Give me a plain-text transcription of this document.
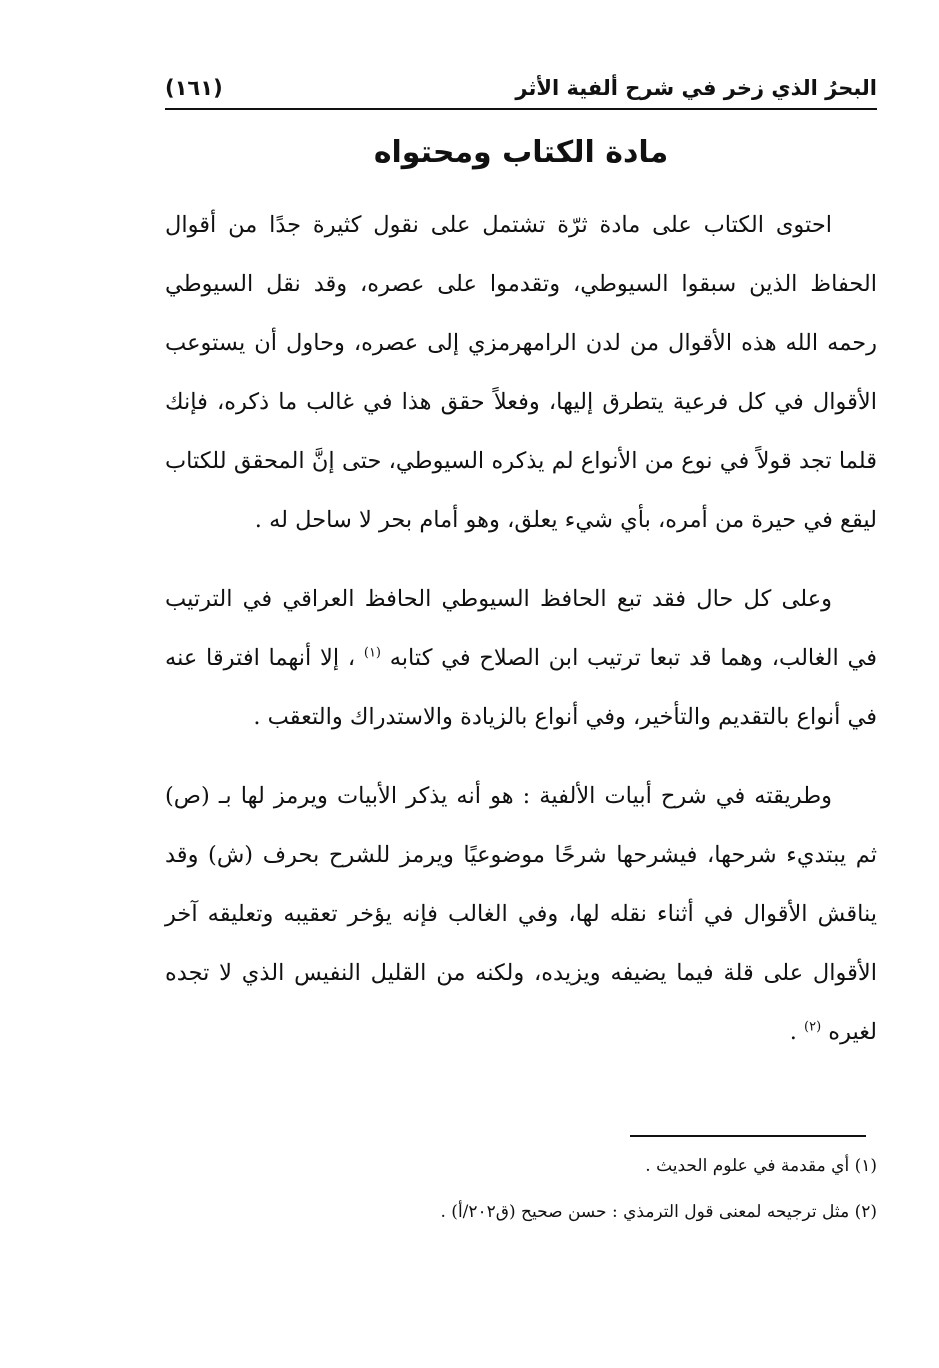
البحرُ الذي زخر في شرح ألفية الأثر
(١٦١)
مادة الكتاب ومحتواه

احتوى الكتاب على مادة ثرّة تشتمل على نقول كثيرة جدًا من أقوال الحفاظ الذين سبقوا السيوطي، وتقدموا على عصره، وقد نقل السيوطي رحمه الله هذه الأقوال من لدن الرامهرمزي إلى عصره، وحاول أن يستوعب الأقوال في كل فرعية يتطرق إليها، وفعلاً حقق هذا في غالب ما ذكره، فإنك قلما تجد قولاً في نوع من الأنواع لم يذكره السيوطي، حتى إنَّ المحقق للكتاب ليقع في حيرة من أمره، بأي شيء يعلق، وهو أمام بحر لا ساحل له .

وعلى كل حال فقد تبع الحافظ السيوطي الحافظ العراقي في الترتيب في الغالب، وهما قد تبعا ترتيب ابن الصلاح في كتابه $^{(١)}$ ، إلا أنهما افترقا عنه في أنواع بالتقديم والتأخير، وفي أنواع بالزيادة والاستدراك والتعقب .

وطريقته في شرح أبيات الألفية : هو أنه يذكر الأبيات ويرمز لها بـ (ص) ثم يبتديء شرحها، فيشرحها شرحًا موضوعيًا ويرمز للشرح بحرف (ش) وقد يناقش الأقوال في أثناء نقله لها، وفي الغالب فإنه يؤخر تعقيبه وتعليقه آخر الأقوال على قلة فيما يضيفه ويزيده، ولكنه من القليل النفيس الذي لا تجده لغيره $^{(٢)}$ .

(١) أي مقدمة في علوم الحديث .

(٢) مثل ترجيحه لمعنى قول الترمذي : حسن صحيح (ق٢٠٢/أ) .
